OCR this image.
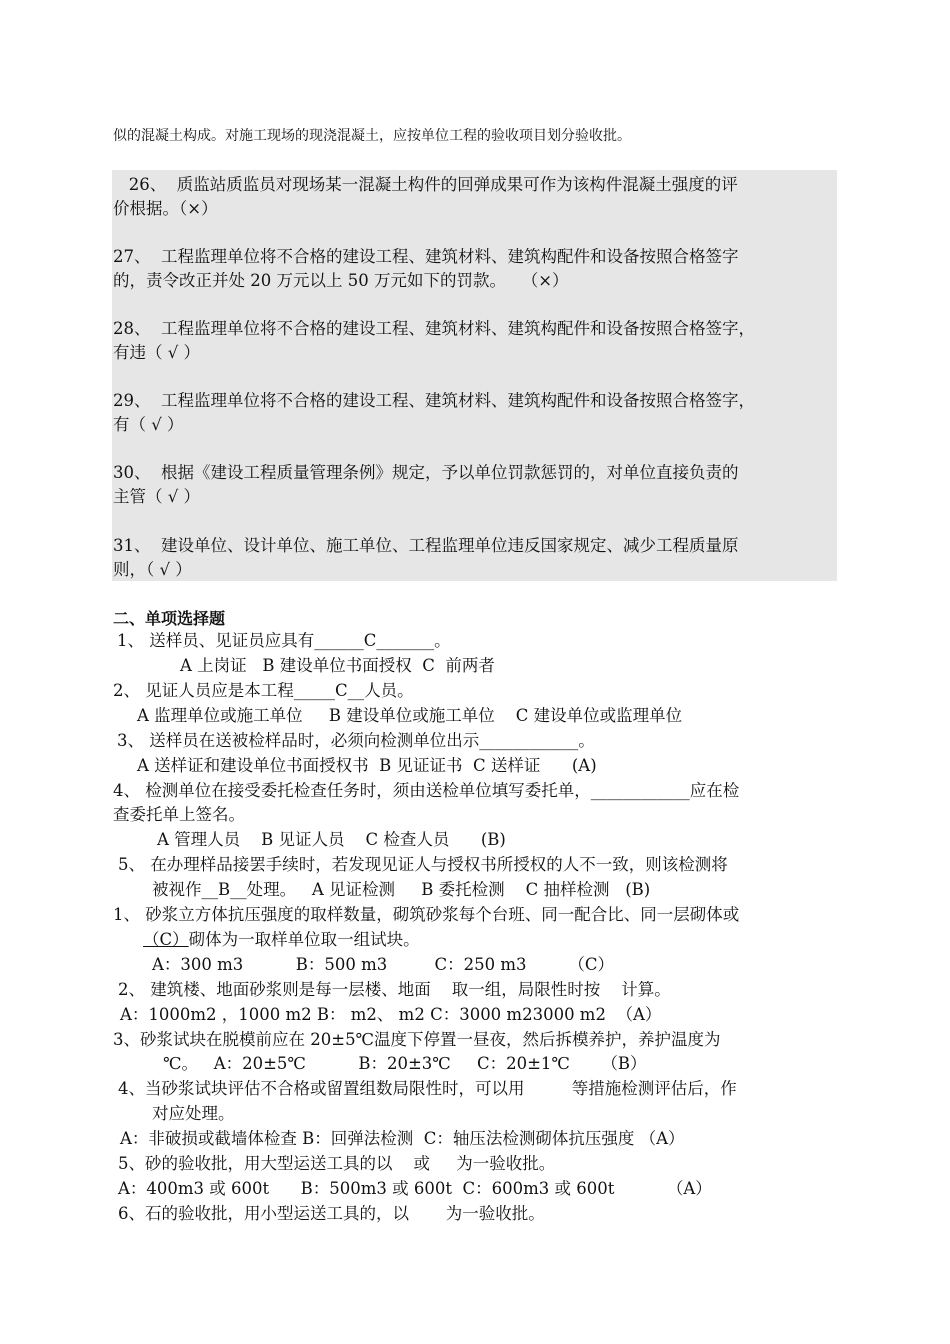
似的混凝土构成。对施工现场的现浇混凝土，应按单位工程的验收项目划分验收批。
26、  质监站质监员对现场某一混凝土构件的回弹成果可作为该构件混凝土强度的评
价根据。（×）
27、  工程监理单位将不合格的建设工程、建筑材料、建筑构配件和设备按照合格签字
的，责令改正并处 20 万元以上 50 万元如下的罚款。   （×）
28、  工程监理单位将不合格的建设工程、建筑材料、建筑构配件和设备按照合格签字，
有违（ √ ）
29、  工程监理单位将不合格的建设工程、建筑材料、建筑构配件和设备按照合格签字，
有（ √ ）
30、  根据《建设工程质量管理条例》规定，予以单位罚款惩罚的，对单位直接负责的
主管（ √ ）
31、  建设单位、设计单位、施工单位、工程监理单位违反国家规定、减少工程质量原
则，（ √ ）
二、单项选择题
1、 送样员、见证员应具有______C_______。
A 上岗证   B 建设单位书面授权  C  前两者
2、 见证人员应是本工程_____C__人员。
A 监理单位或施工单位     B 建设单位或施工单位    C 建设单位或监理单位
3、 送样员在送被检样品时，必须向检测单位出示____________。
A 送样证和建设单位书面授权书  B 见证证书  C 送样证      (A)
4、 检测单位在接受委托检查任务时，须由送检单位填写委托单，____________应在检
查委托单上签名。
A 管理人员    B 见证人员    C 检查人员      (B)
5、 在办理样品接罢手续时，若发现见证人与授权书所授权的人不一致，则该检测将
被视作__B__处理。   A 见证检测     B 委托检测    C 抽样检测   (B)
1、 砂浆立方体抗压强度的取样数量，砌筑砂浆每个台班、同一配合比、同一层砌体或
（C）砌体为一取样单位取一组试块。
A：300 m3          B：500 m3         C：250 m3        （C）
2、 建筑楼、地面砂浆则是每一层楼、地面    取一组，局限性时按    计算。
A：1000m2 ，1000 m2 B： m2、 m2 C：3000 m23000 m2  （A）
3、砂浆试块在脱模前应在 20±5℃温度下停置一昼夜，然后拆模养护，养护温度为
℃。   A：20±5℃          B：20±3℃     C：20±1℃      （B）
4、当砂浆试块评估不合格或留置组数局限性时，可以用         等措施检测评估后，作
对应处理。
A：非破损或截墙体检查 B：回弹法检测  C：轴压法检测砌体抗压强度 （A）
5、砂的验收批，用大型运送工具的以    或     为一验收批。
A：400m3 或 600t      B：500m3 或 600t  C：600m3 或 600t          （A）
6、石的验收批，用小型运送工具的，以       为一验收批。
